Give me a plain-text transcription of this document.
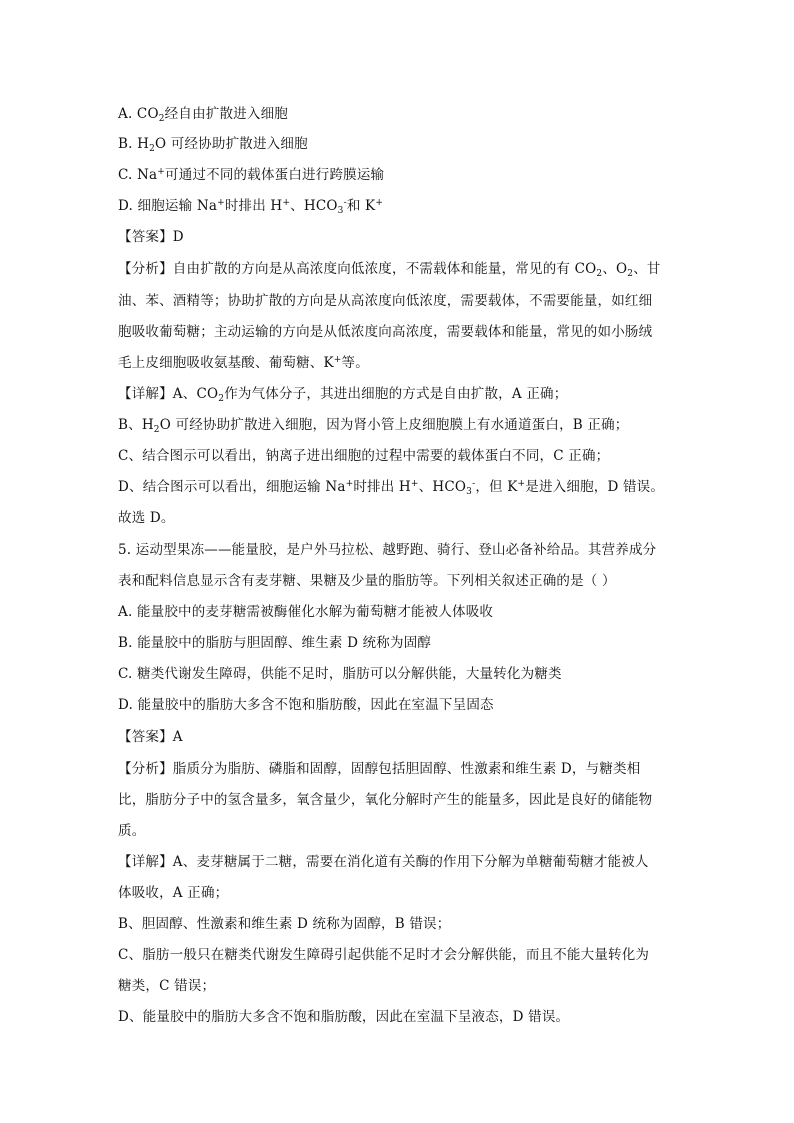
A. $CO_2$经自由扩散进入细胞
B. $H_2O$ 可经协助扩散进入细胞
C. Na+可通过不同的载体蛋白进行跨膜运输
D. 细胞运输 Na+时排出 H+、$HCO_3^-$和 K+
【答案】D
【分析】自由扩散的方向是从高浓度向低浓度，不需载体和能量，常见的有 $CO_2$、$O_2$、甘
油、苯、酒精等；协助扩散的方向是从高浓度向低浓度，需要载体，不需要能量，如红细
胞吸收葡萄糖；主动运输的方向是从低浓度向高浓度，需要载体和能量，常见的如小肠绒
毛上皮细胞吸收氨基酸、葡萄糖、K+等。
【详解】A、$CO_2$作为气体分子，其进出细胞的方式是自由扩散，A 正确；
B、$H_2O$ 可经协助扩散进入细胞，因为肾小管上皮细胞膜上有水通道蛋白，B 正确；
C、结合图示可以看出，钠离子进出细胞的过程中需要的载体蛋白不同，C 正确；
D、结合图示可以看出，细胞运输 Na+时排出 H+、$HCO_3^-$，但 K+是进入细胞，D 错误。
故选 D。
5. 运动型果冻——能量胶，是户外马拉松、越野跑、骑行、登山必备补给品。其营养成分
表和配料信息显示含有麦芽糖、果糖及少量的脂肪等。下列相关叙述正确的是（ ）
A. 能量胶中的麦芽糖需被酶催化水解为葡萄糖才能被人体吸收
B. 能量胶中的脂肪与胆固醇、维生素 D 统称为固醇
C. 糖类代谢发生障碍，供能不足时，脂肪可以分解供能，大量转化为糖类
D. 能量胶中的脂肪大多含不饱和脂肪酸，因此在室温下呈固态
【答案】A
【分析】脂质分为脂肪、磷脂和固醇，固醇包括胆固醇、性激素和维生素 D，与糖类相
比，脂肪分子中的氢含量多，氧含量少，氧化分解时产生的能量多，因此是良好的储能物
质。
【详解】A、麦芽糖属于二糖，需要在消化道有关酶的作用下分解为单糖葡萄糖才能被人
体吸收，A 正确；
B、胆固醇、性激素和维生素 D 统称为固醇，B 错误；
C、脂肪一般只在糖类代谢发生障碍引起供能不足时才会分解供能，而且不能大量转化为
糖类，C 错误；
D、能量胶中的脂肪大多含不饱和脂肪酸，因此在室温下呈液态，D 错误。
